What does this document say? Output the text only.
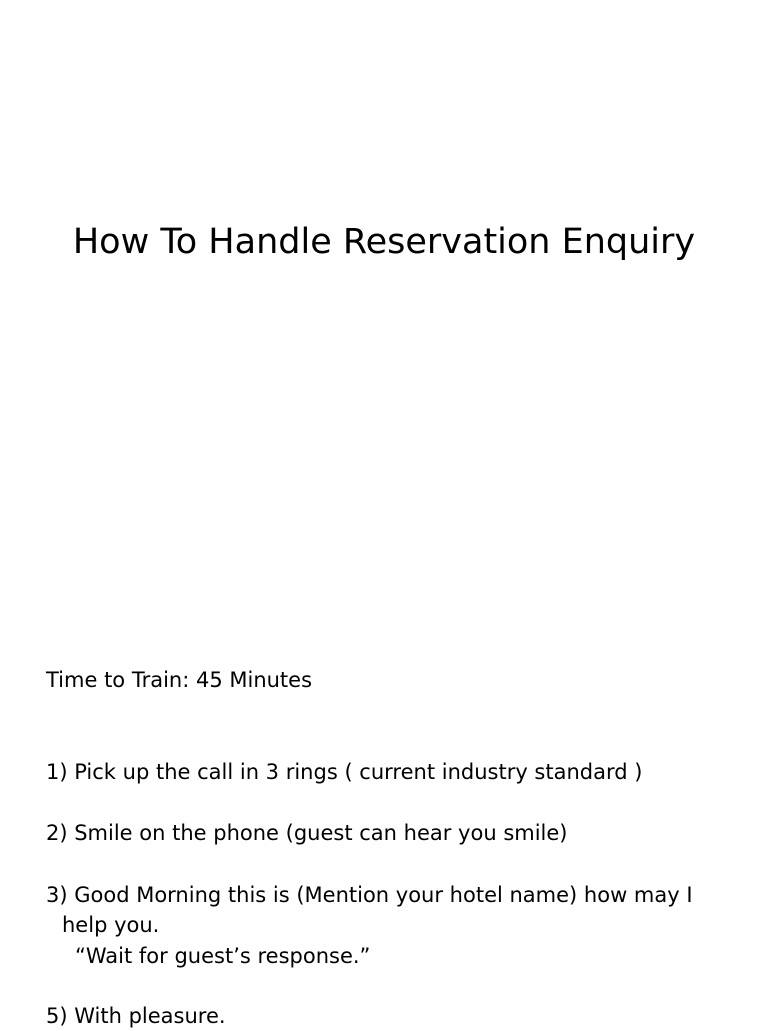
How To Handle Reservation Enquiry
Time to Train: 45 Minutes
1) Pick up the call in 3 rings ( current industry standard )
2) Smile on the phone (guest can hear you smile)
3) Good Morning this is (Mention your hotel name) how may I
help you.
“Wait for guest’s response.”
5) With pleasure.
